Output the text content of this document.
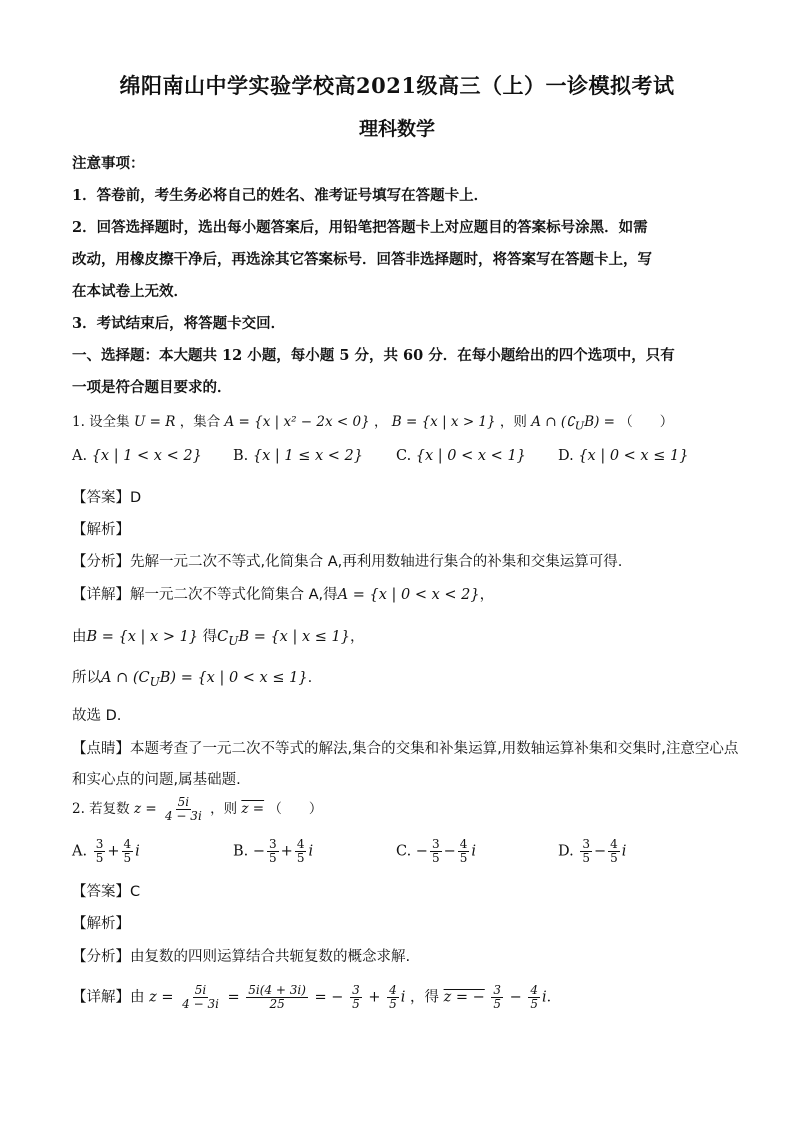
绵阳南山中学实验学校高2021级高三（上）一诊模拟考试
理科数学
注意事项：
1．答卷前，考生务必将自己的姓名、准考证号填写在答题卡上．
2．回答选择题时，选出每小题答案后，用铅笔把答题卡上对应题目的答案标号涂黑．如需
改动，用橡皮擦干净后，再选涂其它答案标号．回答非选择题时，将答案写在答题卡上，写
在本试卷上无效．
3．考试结束后，将答题卡交回．
一、选择题：本大题共 12 小题，每小题 5 分，共 60 分．在每小题给出的四个选项中，只有
一项是符合题目要求的．
1. 设全集 U = R ，集合 A = {x | x² − 2x < 0} ， B = {x | x > 1} ，则 A ∩ $(∁_UB)$ = （　　）
A. {x | 1 < x < 2} B. {x | 1 ≤ x < 2} C. {x | 0 < x < 1} D. {x | 0 < x ≤ 1}
【答案】D
【解析】
【分析】先解一元二次不等式,化简集合 A,再利用数轴进行集合的补集和交集运算可得.
【详解】解一元二次不等式化简集合 A,得A = {x | 0 < x < 2}，
由B = {x | x > 1} 得$C_UB = \{x$ | x ≤ 1}，
所以A ∩ $(C_UB) = \{x$ | 0 < x ≤ 1}.
故选 D.
【点睛】本题考查了一元二次不等式的解法,集合的交集和补集运算,用数轴运算补集和交集时,注意空心点
和实心点的问题,属基础题.
2. 若复数 $z = \frac{5i}{4 - 3i}$ ，则 z = （　　）
A. $\frac{3}{5} + \frac{4}{5}$ i	B. − $\frac{3}{5} + \frac{4}{5}$ i	C. − $\frac{3}{5} - \frac{4}{5}$ i	D. $\frac{3}{5} - \frac{4}{5}$ i
【答案】C
【解析】
【分析】由复数的四则运算结合共轭复数的概念求解.
【详解】由 $z = \frac{5i}{4 - 3i} = \frac{5i(4 + 3i)}{25}$ = − $\frac{3}{5} + \frac{4}{5}$ i ，得 z = − $\frac{3}{5} - \frac{4}{5}$ i．
